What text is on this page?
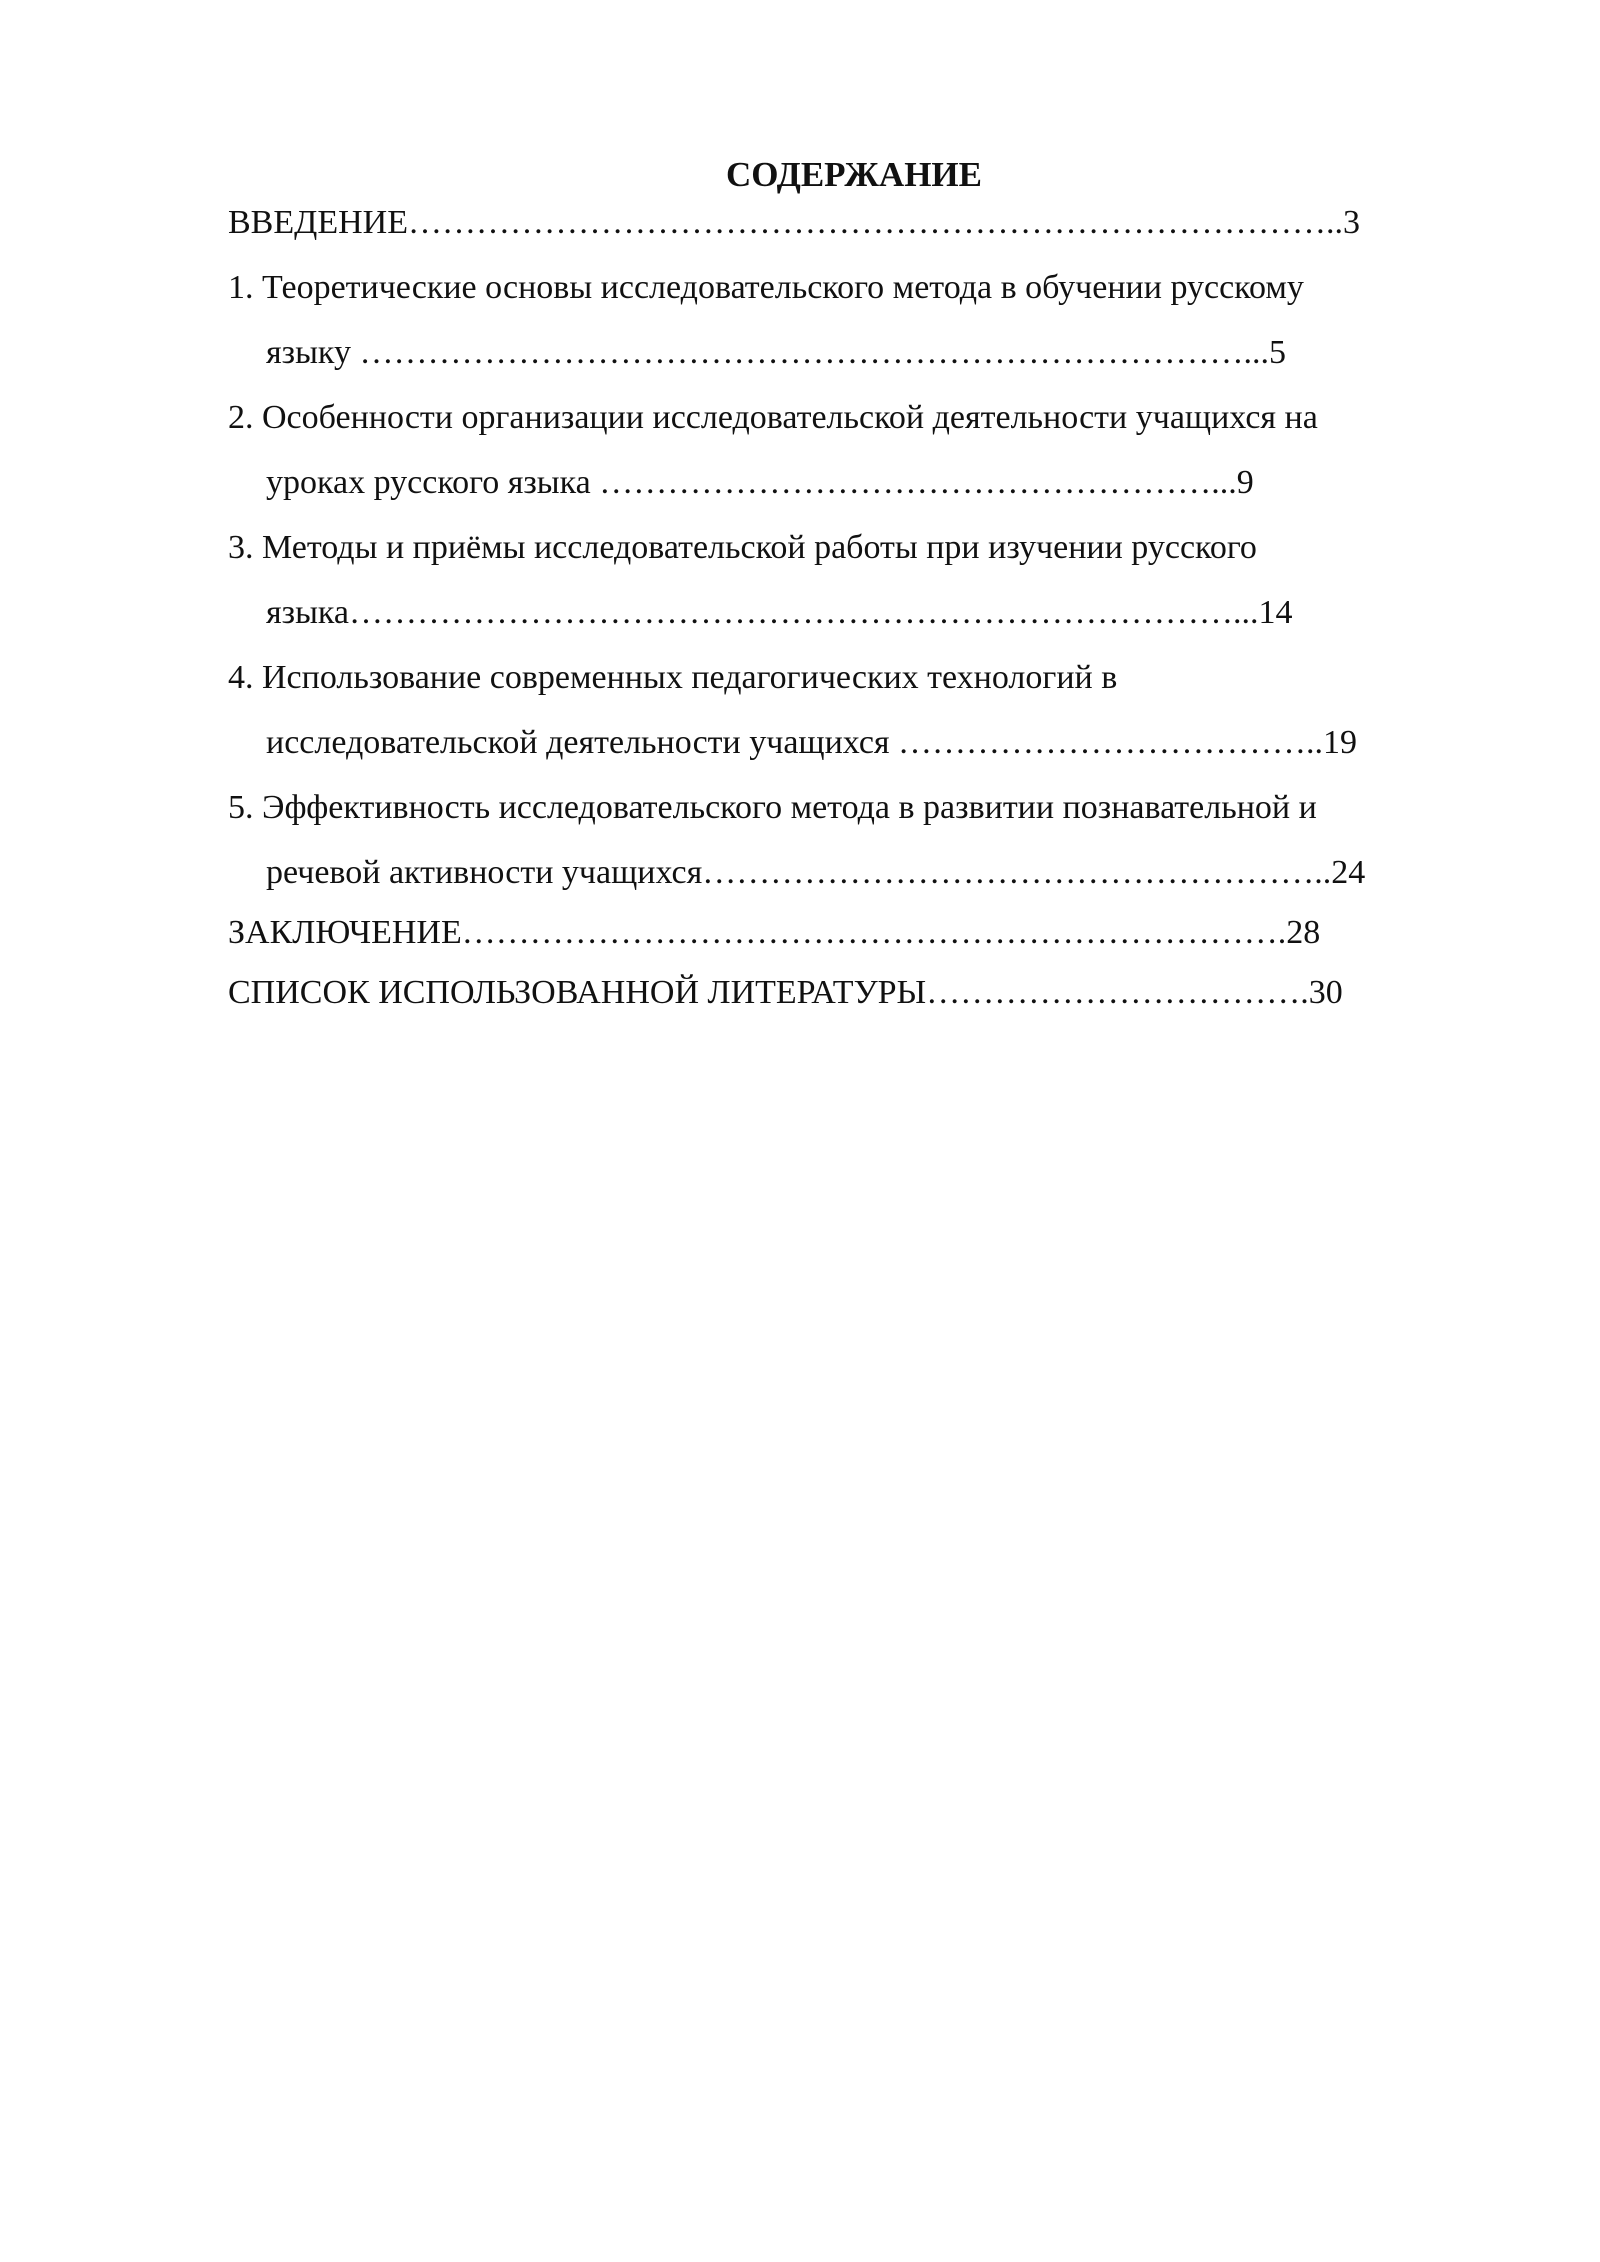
СОДЕРЖАНИЕ
ВВЕДЕНИЕ………………………………………………………………………..3
1. Теоретические основы исследовательского метода в обучении русскому
языку ……………………………………………………………………...5
2. Особенности организации исследовательской деятельности учащихся на
уроках русского языка ………………………………………………...9
3. Методы и приёмы исследовательской работы при изучении русского
языка……………………………………………………………………...14
4. Использование современных педагогических технологий в
исследовательской деятельности учащихся ………………………………..19
5. Эффективность исследовательского метода в развитии познавательной и
речевой активности учащихся………………………………………………..24
ЗАКЛЮЧЕНИЕ……………………………………………………………….28
СПИСОК ИСПОЛЬЗОВАННОЙ ЛИТЕРАТУРЫ…………………………….30
